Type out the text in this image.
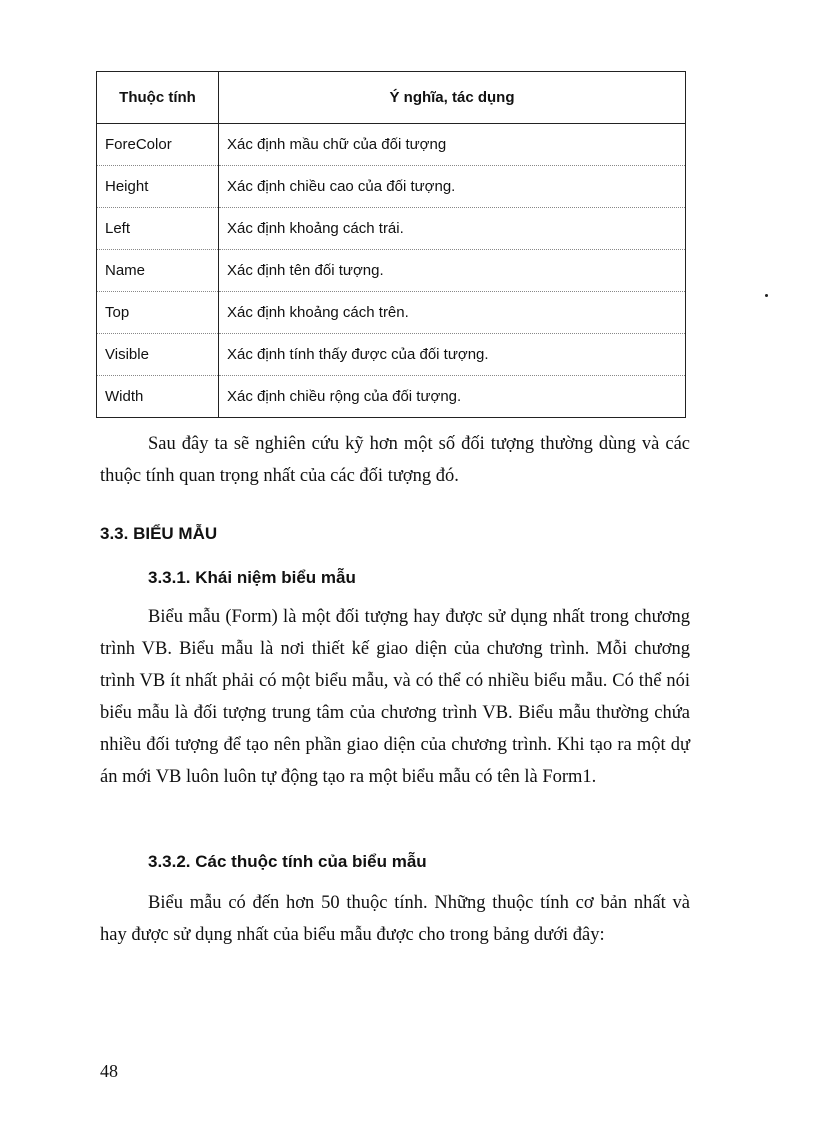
Thuộc tính	Ý nghĩa, tác dụng
ForeColor	Xác định mầu chữ của đối tượng
Height	Xác định chiều cao của đối tượng.
Left	Xác định khoảng cách trái.
Name	Xác định tên đối tượng.
Top	Xác định khoảng cách trên.
Visible	Xác định tính thấy được của đối tượng.
Width	Xác định chiều rộng của đối tượng.

Sau đây ta sẽ nghiên cứu kỹ hơn một số đối tượng thường dùng và các thuộc tính quan trọng nhất của các đối tượng đó.

3.3. BIỂU MẪU
3.3.1. Khái niệm biểu mẫu

Biểu mẫu (Form) là một đối tượng hay được sử dụng nhất trong chương trình VB. Biểu mẫu là nơi thiết kế giao diện của chương trình. Mỗi chương trình VB ít nhất phải có một biểu mẫu, và có thể có nhiều biểu mẫu. Có thể nói biểu mẫu là đối tượng trung tâm của chương trình VB. Biểu mẫu thường chứa nhiều đối tượng để tạo nên phần giao diện của chương trình. Khi tạo ra một dự án mới VB luôn luôn tự động tạo ra một biểu mẫu có tên là Form1.

3.3.2. Các thuộc tính của biểu mẫu

Biểu mẫu có đến hơn 50 thuộc tính. Những thuộc tính cơ bản nhất và hay được sử dụng nhất của biểu mẫu được cho trong bảng dưới đây:

48
